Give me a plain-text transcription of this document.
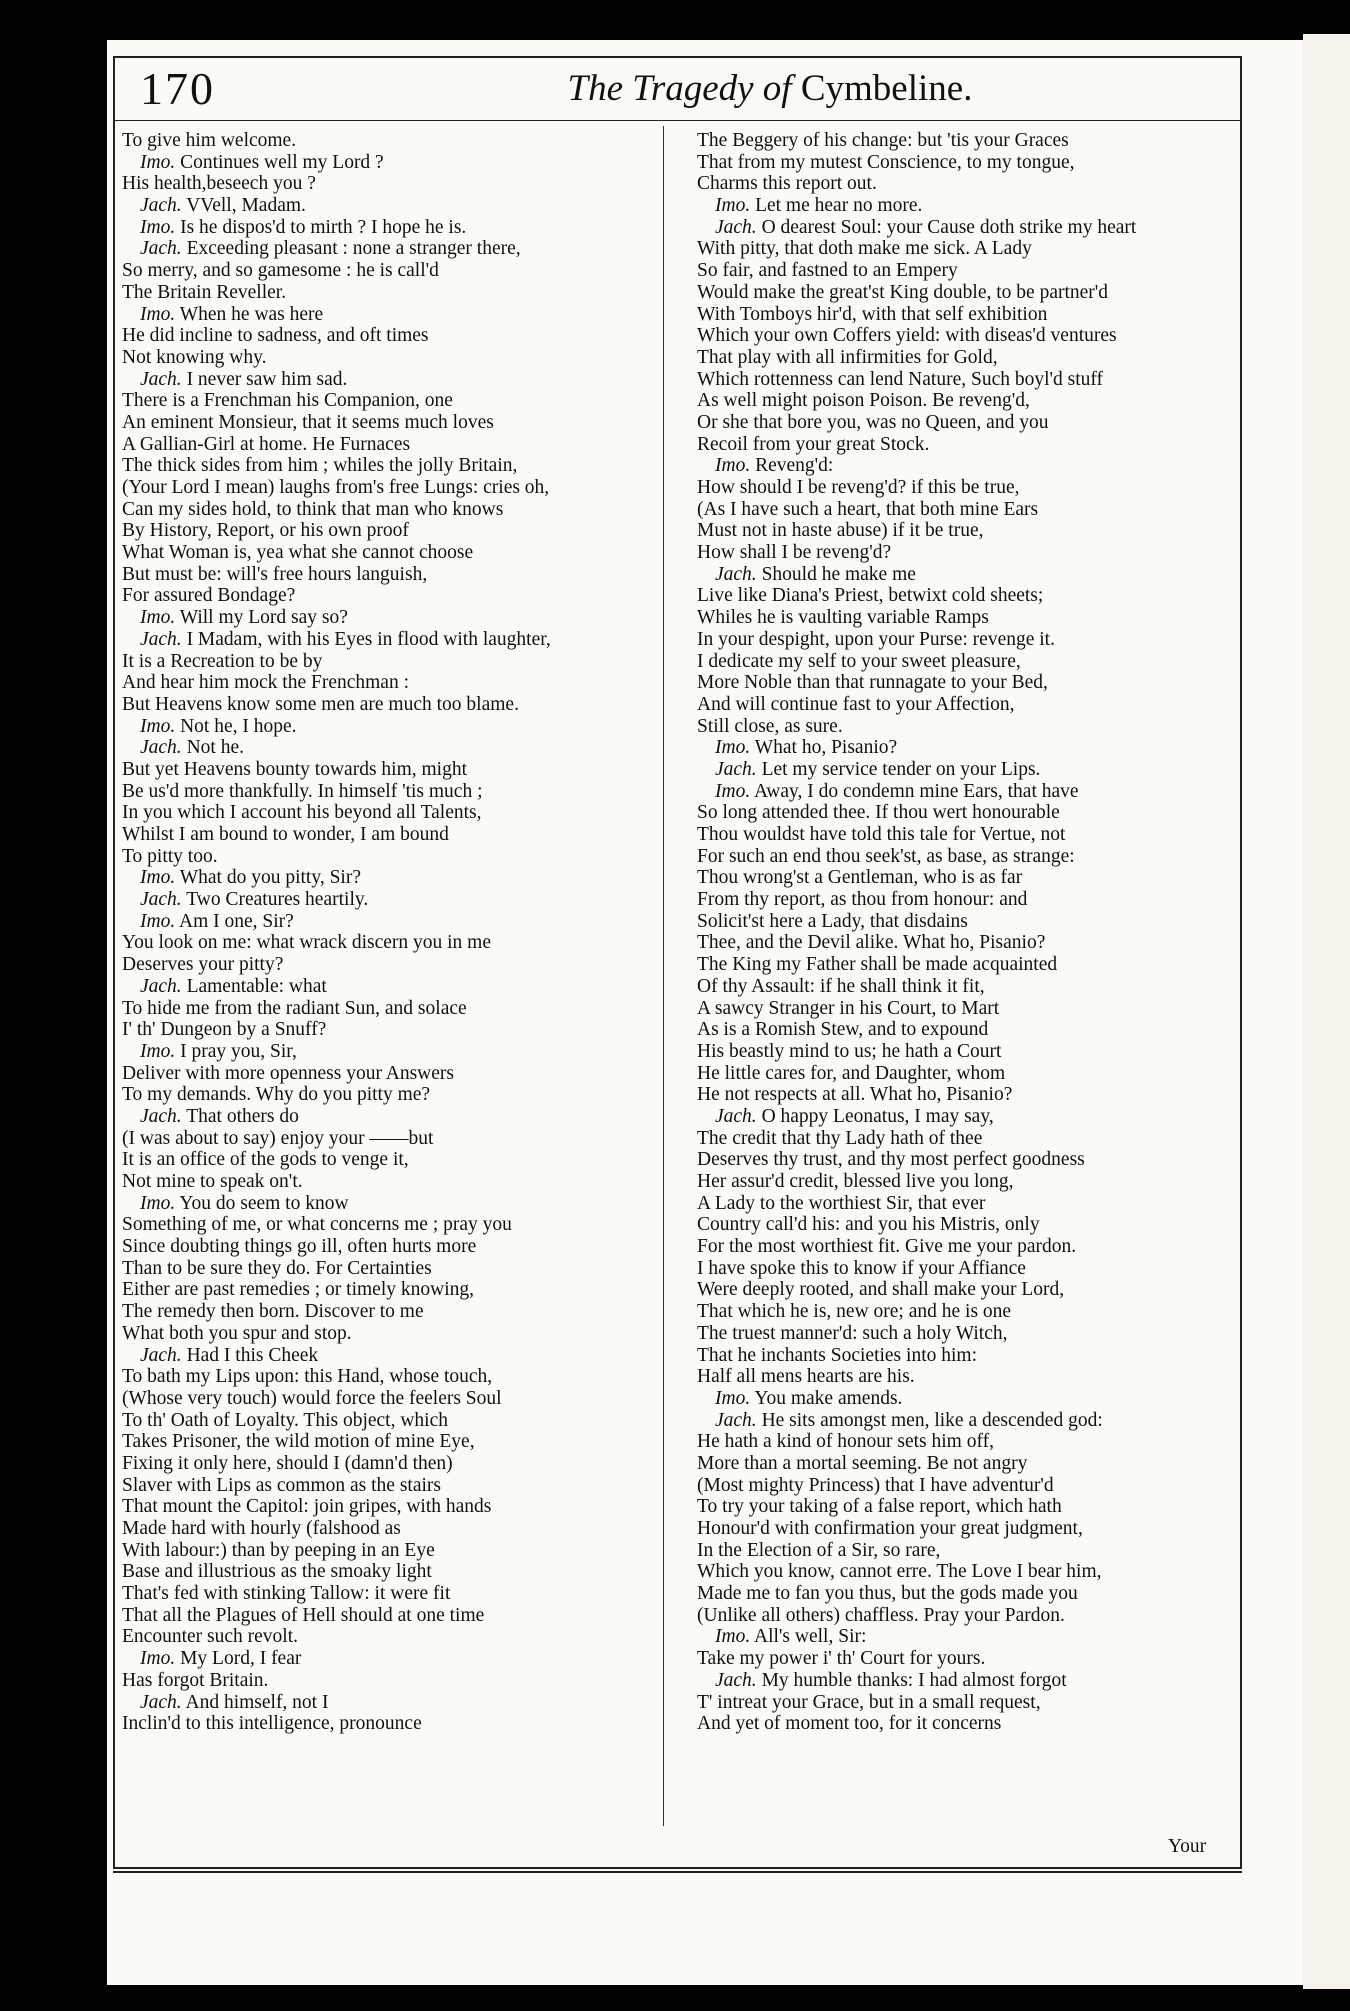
170	The Tragedy of Cymbeline.
To give him welcome.
Imo. Continues well my Lord ?
His health,beseech you ?
Jach. VVell, Madam.
Imo. Is he dispos'd to mirth ? I hope he is.
Jach. Exceeding pleasant : none a stranger there,
So merry, and so gamesome : he is call'd
The Britain Reveller.
Imo. When he was here
He did incline to sadness, and oft times
Not knowing why.
Jach. I never saw him sad.
There is a Frenchman his Companion, one
An eminent Monsieur, that it seems much loves
A Gallian-Girl at home. He Furnaces
The thick sides from him ; whiles the jolly Britain,
(Your Lord I mean) laughs from's free Lungs: cries oh,
Can my sides hold, to think that man who knows
By History, Report, or his own proof
What Woman is, yea what she cannot choose
But must be: will's free hours languish,
For assured Bondage?
Imo. Will my Lord say so?
Jach. I Madam, with his Eyes in flood with laughter,
It is a Recreation to be by
And hear him mock the Frenchman :
But Heavens know some men are much too blame.
Imo. Not he, I hope.
Jach. Not he.
But yet Heavens bounty towards him, might
Be us'd more thankfully. In himself 'tis much ;
In you which I account his beyond all Talents,
Whilst I am bound to wonder, I am bound
To pitty too.
Imo. What do you pitty, Sir?
Jach. Two Creatures heartily.
Imo. Am I one, Sir?
You look on me: what wrack discern you in me
Deserves your pitty?
Jach. Lamentable: what
To hide me from the radiant Sun, and solace
I' th' Dungeon by a Snuff?
Imo. I pray you, Sir,
Deliver with more openness your Answers
To my demands. Why do you pitty me?
Jach. That others do
(I was about to say) enjoy your ——but
It is an office of the gods to venge it,
Not mine to speak on't.
Imo. You do seem to know
Something of me, or what concerns me ; pray you
Since doubting things go ill, often hurts more
Than to be sure they do. For Certainties
Either are past remedies ; or timely knowing,
The remedy then born. Discover to me
What both you spur and stop.
Jach. Had I this Cheek
To bath my Lips upon: this Hand, whose touch,
(Whose very touch) would force the feelers Soul
To th' Oath of Loyalty. This object, which
Takes Prisoner, the wild motion of mine Eye,
Fixing it only here, should I (damn'd then)
Slaver with Lips as common as the stairs
That mount the Capitol: join gripes, with hands
Made hard with hourly (falshood as
With labour:) than by peeping in an Eye
Base and illustrious as the smoaky light
That's fed with stinking Tallow: it were fit
That all the Plagues of Hell should at one time
Encounter such revolt.
Imo. My Lord, I fear
Has forgot Britain.
Jach. And himself, not I
Inclin'd to this intelligence, pronounce
The Beggery of his change: but 'tis your Graces
That from my mutest Conscience, to my tongue,
Charms this report out.
Imo. Let me hear no more.
Jach. O dearest Soul: your Cause doth strike my heart
With pitty, that doth make me sick. A Lady
So fair, and fastned to an Empery
Would make the great'st King double, to be partner'd
With Tomboys hir'd, with that self exhibition
Which your own Coffers yield: with diseas'd ventures
That play with all infirmities for Gold,
Which rottenness can lend Nature, Such boyl'd stuff
As well might poison Poison. Be reveng'd,
Or she that bore you, was no Queen, and you
Recoil from your great Stock.
Imo. Reveng'd:
How should I be reveng'd? if this be true,
(As I have such a heart, that both mine Ears
Must not in haste abuse) if it be true,
How shall I be reveng'd?
Jach. Should he make me
Live like Diana's Priest, betwixt cold sheets;
Whiles he is vaulting variable Ramps
In your despight, upon your Purse: revenge it.
I dedicate my self to your sweet pleasure,
More Noble than that runnagate to your Bed,
And will continue fast to your Affection,
Still close, as sure.
Imo. What ho, Pisanio?
Jach. Let my service tender on your Lips.
Imo. Away, I do condemn mine Ears, that have
So long attended thee. If thou wert honourable
Thou wouldst have told this tale for Vertue, not
For such an end thou seek'st, as base, as strange:
Thou wrong'st a Gentleman, who is as far
From thy report, as thou from honour: and
Solicit'st here a Lady, that disdains
Thee, and the Devil alike. What ho, Pisanio?
The King my Father shall be made acquainted
Of thy Assault: if he shall think it fit,
A sawcy Stranger in his Court, to Mart
As is a Romish Stew, and to expound
His beastly mind to us; he hath a Court
He little cares for, and Daughter, whom
He not respects at all. What ho, Pisanio?
Jach. O happy Leonatus, I may say,
The credit that thy Lady hath of thee
Deserves thy trust, and thy most perfect goodness
Her assur'd credit, blessed live you long,
A Lady to the worthiest Sir, that ever
Country call'd his: and you his Mistris, only
For the most worthiest fit. Give me your pardon.
I have spoke this to know if your Affiance
Were deeply rooted, and shall make your Lord,
That which he is, new ore; and he is one
The truest manner'd: such a holy Witch,
That he inchants Societies into him:
Half all mens hearts are his.
Imo. You make amends.
Jach. He sits amongst men, like a descended god:
He hath a kind of honour sets him off,
More than a mortal seeming. Be not angry
(Most mighty Princess) that I have adventur'd
To try your taking of a false report, which hath
Honour'd with confirmation your great judgment,
In the Election of a Sir, so rare,
Which you know, cannot erre. The Love I bear him,
Made me to fan you thus, but the gods made you
(Unlike all others) chaffless. Pray your Pardon.
Imo. All's well, Sir:
Take my power i' th' Court for yours.
Jach. My humble thanks: I had almost forgot
T' intreat your Grace, but in a small request,
And yet of moment too, for it concerns
Your
